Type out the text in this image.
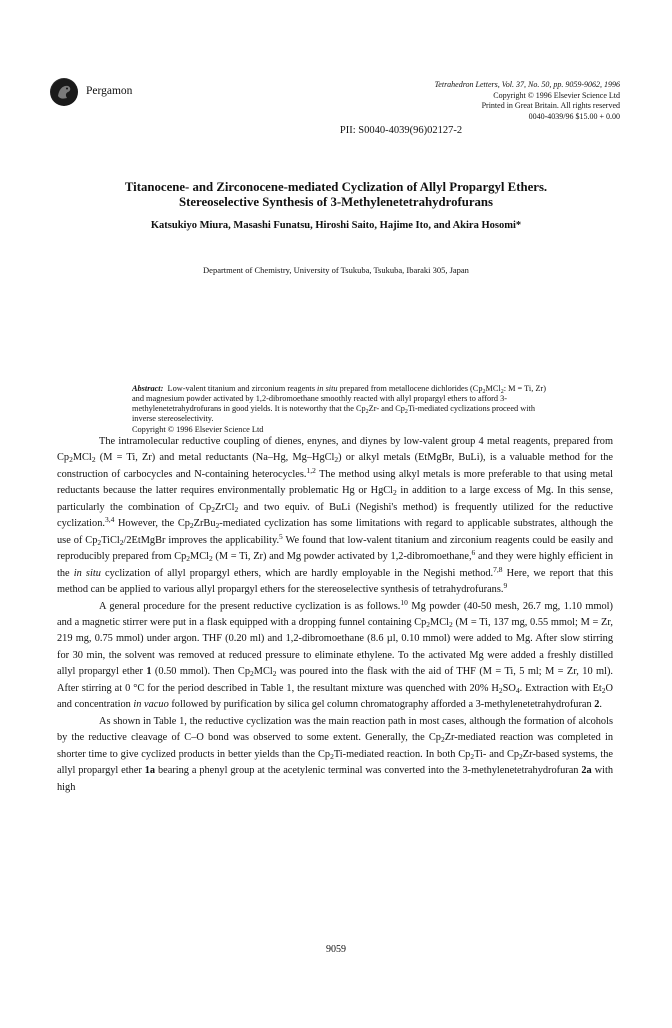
Pergamon
Tetrahedron Letters, Vol. 37, No. 50, pp. 9059-9062, 1996
Copyright © 1996 Elsevier Science Ltd
Printed in Great Britain. All rights reserved
0040-4039/96 $15.00 + 0.00
PII: S0040-4039(96)02127-2
Titanocene- and Zirconocene-mediated Cyclization of Allyl Propargyl Ethers.
Stereoselective Synthesis of 3-Methylenetetrahydrofurans
Katsukiyo Miura, Masashi Funatsu, Hiroshi Saito, Hajime Ito, and Akira Hosomi*
Department of Chemistry, University of Tsukuba, Tsukuba, Ibaraki 305, Japan
Abstract:  Low-valent titanium and zirconium reagents in situ prepared from metallocene dichlorides ($Cp_2MCl_2$: M = Ti, Zr) and magnesium powder activated by 1,2-dibromoethane smoothly reacted with allyl propargyl ethers to afford 3-methylenetetrahydrofurans in good yields. It is noteworthy that the $Cp_2Zr-$ and $Cp_2Ti$-mediated cyclizations proceed with inverse stereoselectivity.
Copyright © 1996 Elsevier Science Ltd

The intramolecular reductive coupling of dienes, enynes, and diynes by low-valent group 4 metal reagents, prepared from $Cp_2MCl_2$ (M = Ti, Zr) and metal reductants (Na–Hg, Mg–HgCl$_2$) or alkyl metals (EtMgBr, BuLi), is a valuable method for the construction of carbocycles and N-containing heterocycles.$^{1,2}$ The method using alkyl metals is more preferable to that using metal reductants because the latter requires environmentally problematic Hg or HgCl$_2$ in addition to a large excess of Mg. In this sense, particularly the combination of $Cp_2ZrCl_2$ and two equiv. of BuLi (Negishi's method) is frequently utilized for the reductive cyclization.$^{3,4}$ However, the $Cp_2ZrBu_2$-mediated cyclization has some limitations with regard to applicable substrates, although the use of $Cp_2TiCl_2/2EtMgBr$ improves the applicability.$^5$ We found that low-valent titanium and zirconium reagents could be easily and reproducibly prepared from $Cp_2MCl_2$ (M = Ti, Zr) and Mg powder activated by 1,2-dibromoethane,$^6$ and they were highly efficient in the in situ cyclization of allyl propargyl ethers, which are hardly employable in the Negishi method.$^{7,8}$ Here, we report that this method can be applied to various allyl propargyl ethers for the stereoselective synthesis of tetrahydrofurans.$^9$

A general procedure for the present reductive cyclization is as follows.$^{10}$ Mg powder (40-50 mesh, 26.7 mg, 1.10 mmol) and a magnetic stirrer were put in a flask equipped with a dropping funnel containing $Cp_2MCl_2$ (M = Ti, 137 mg, 0.55 mmol; M = Zr, 219 mg, 0.75 mmol) under argon. THF (0.20 ml) and 1,2-dibromoethane (8.6 µl, 0.10 mmol) were added to Mg. After slow stirring for 30 min, the solvent was removed at reduced pressure to eliminate ethylene. To the activated Mg were added a freshly distilled allyl propargyl ether 1 (0.50 mmol). Then $Cp_2MCl_2$ was poured into the flask with the aid of THF (M = Ti, 5 ml; M = Zr, 10 ml). After stirring at 0 °C for the period described in Table 1, the resultant mixture was quenched with 20% $H_2SO_4$. Extraction with $Et_2O$ and concentration in vacuo followed by purification by silica gel column chromatography afforded a 3-methylenetetrahydrofuran 2.

As shown in Table 1, the reductive cyclization was the main reaction path in most cases, although the formation of alcohols by the reductive cleavage of C–O bond was observed to some extent. Generally, the $Cp_2Zr$-mediated reaction was completed in shorter time to give cyclized products in better yields than the $Cp_2Ti$-mediated reaction. In both $Cp_2Ti-$ and $Cp_2Zr$-based systems, the allyl propargyl ether 1a bearing a phenyl group at the acetylenic terminal was converted into the 3-methylenetetrahydrofuran 2a with high

9059
